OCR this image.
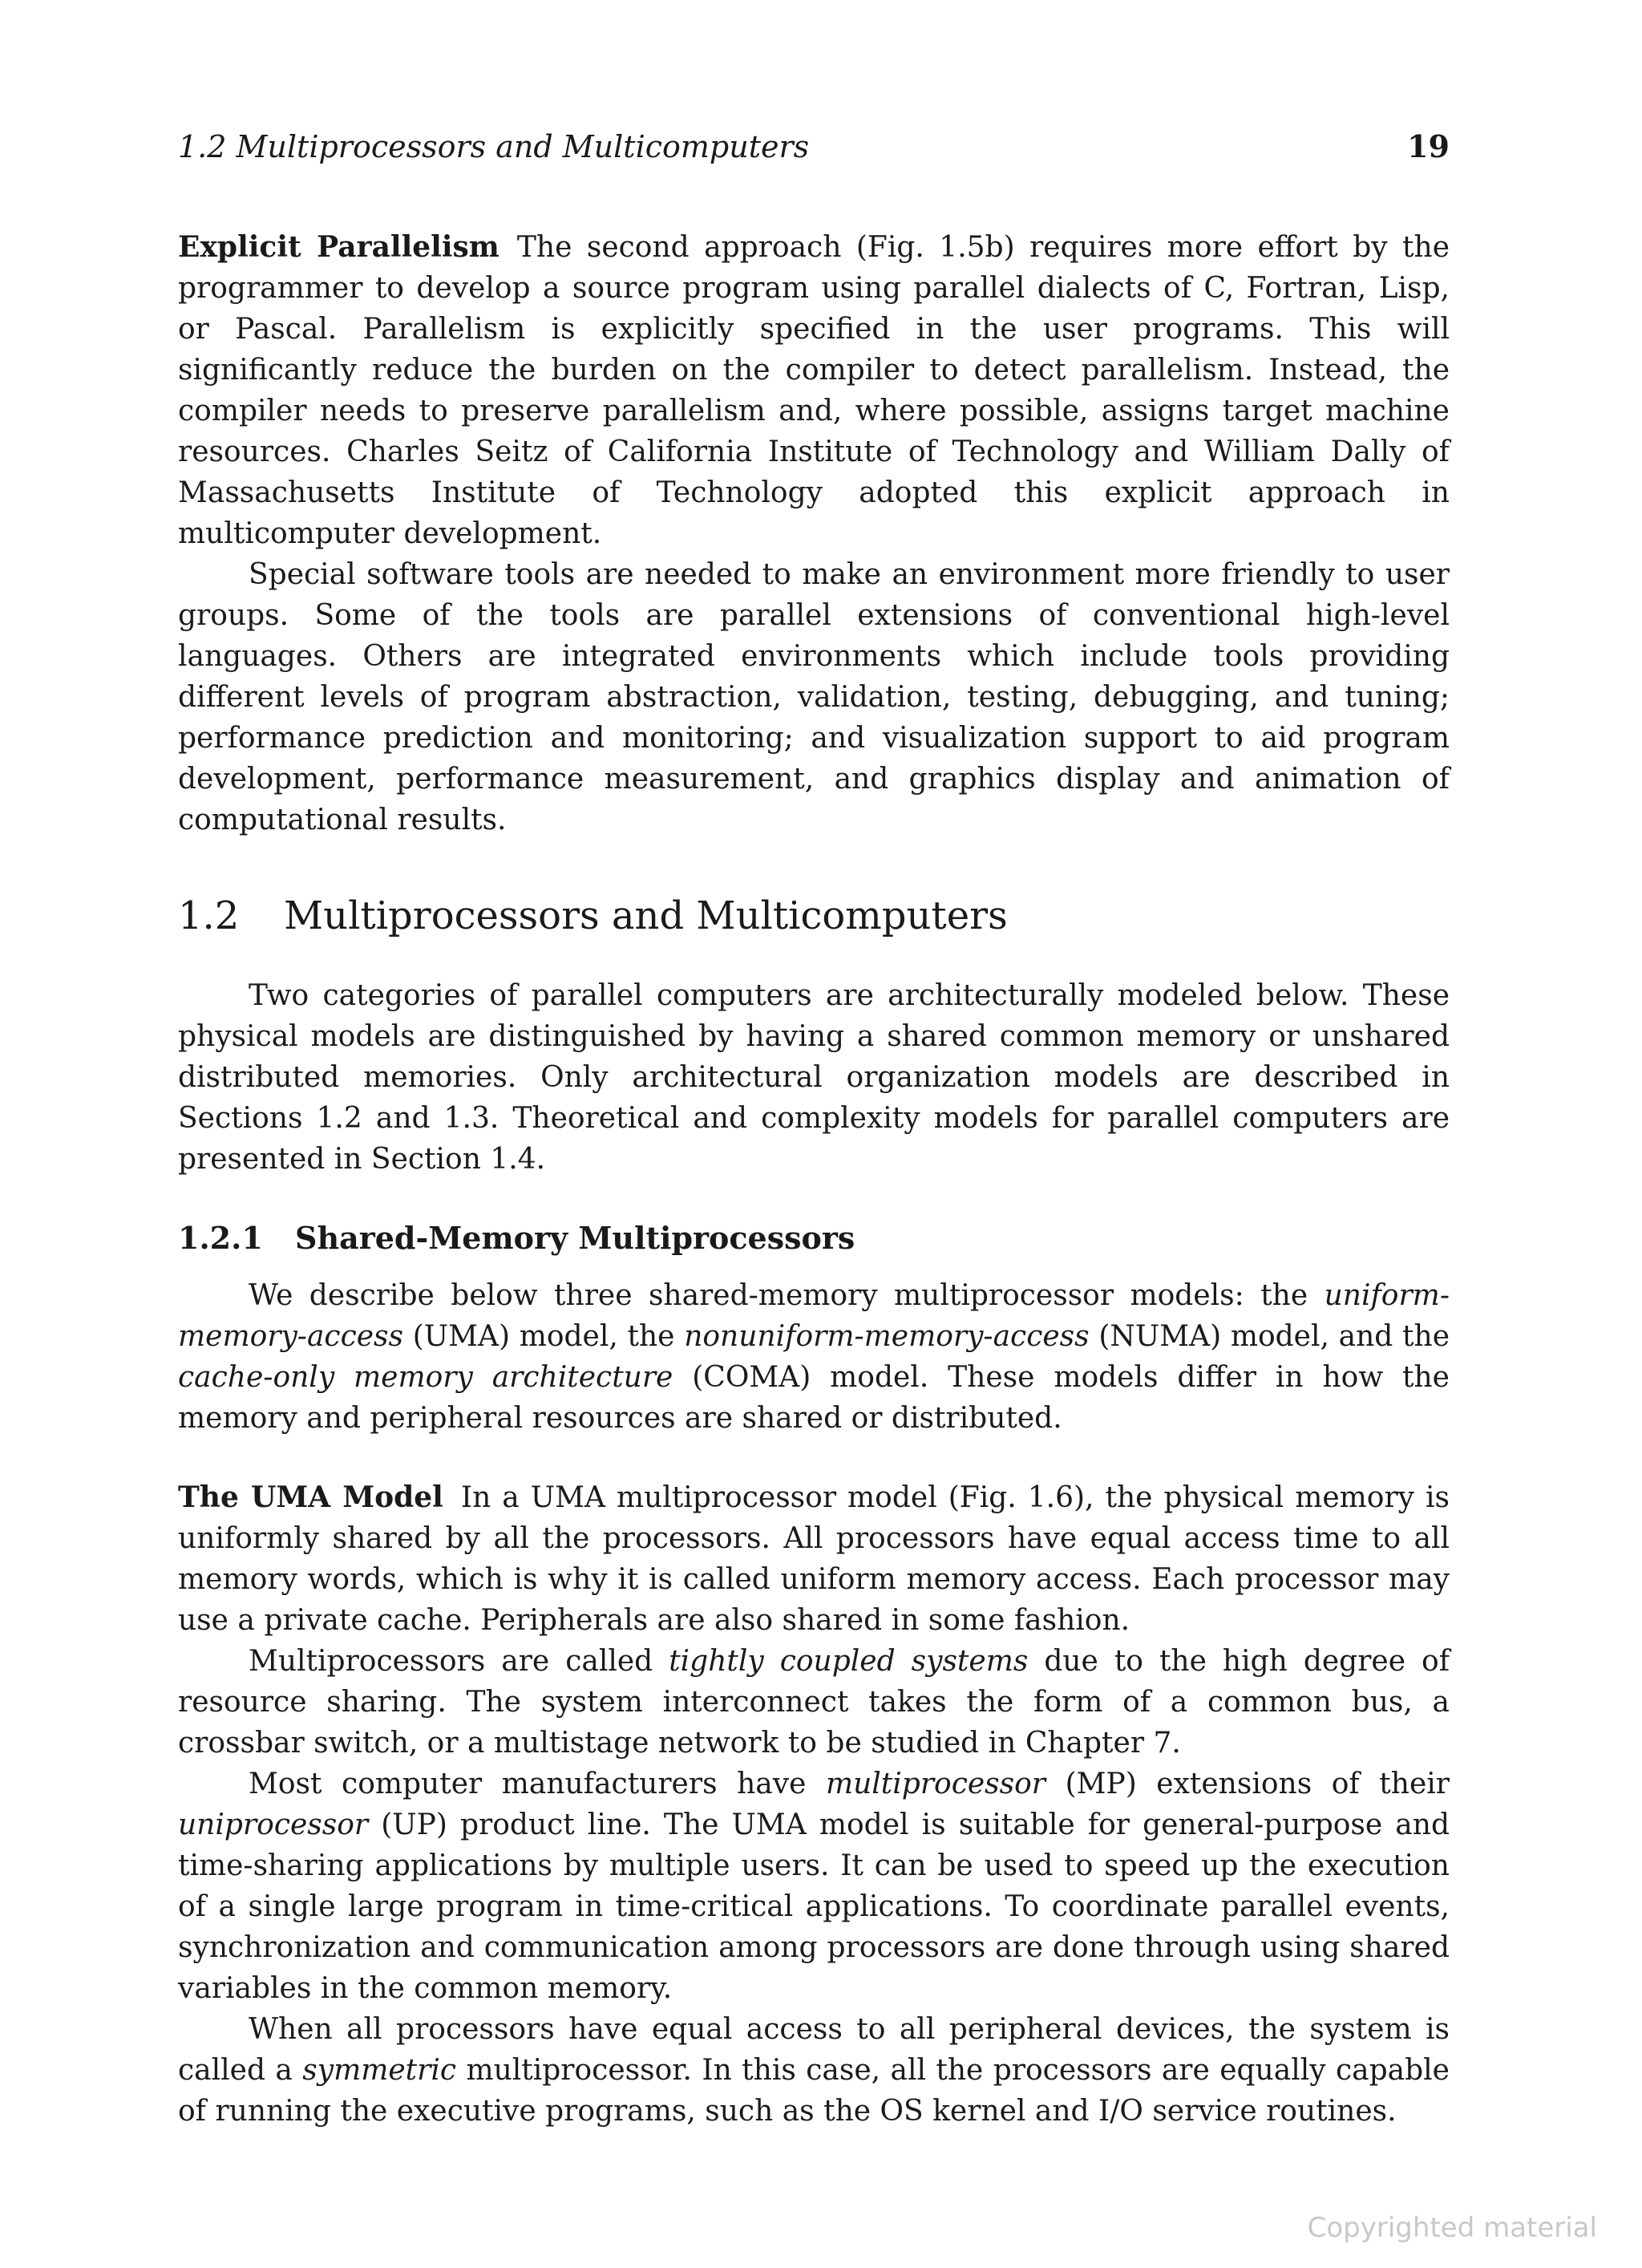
1.2 Multiprocessors and Multicomputers	19

Explicit Parallelism The second approach (Fig. 1.5b) requires more effort by the programmer to develop a source program using parallel dialects of C, Fortran, Lisp, or Pascal. Parallelism is explicitly specified in the user programs. This will significantly reduce the burden on the compiler to detect parallelism. Instead, the compiler needs to preserve parallelism and, where possible, assigns target machine resources. Charles Seitz of California Institute of Technology and William Dally of Massachusetts Institute of Technology adopted this explicit approach in multicomputer development.

Special software tools are needed to make an environment more friendly to user groups. Some of the tools are parallel extensions of conventional high-level languages. Others are integrated environments which include tools providing different levels of program abstraction, validation, testing, debugging, and tuning; performance prediction and monitoring; and visualization support to aid program development, performance measurement, and graphics display and animation of computational results.

1.2 Multiprocessors and Multicomputers

Two categories of parallel computers are architecturally modeled below. These physical models are distinguished by having a shared common memory or unshared distributed memories. Only architectural organization models are described in Sections 1.2 and 1.3. Theoretical and complexity models for parallel computers are presented in Section 1.4.

1.2.1 Shared-Memory Multiprocessors

We describe below three shared-memory multiprocessor models: the uniform-memory-access (UMA) model, the nonuniform-memory-access (NUMA) model, and the cache-only memory architecture (COMA) model. These models differ in how the memory and peripheral resources are shared or distributed.

The UMA Model In a UMA multiprocessor model (Fig. 1.6), the physical memory is uniformly shared by all the processors. All processors have equal access time to all memory words, which is why it is called uniform memory access. Each processor may use a private cache. Peripherals are also shared in some fashion.

Multiprocessors are called tightly coupled systems due to the high degree of resource sharing. The system interconnect takes the form of a common bus, a crossbar switch, or a multistage network to be studied in Chapter 7.

Most computer manufacturers have multiprocessor (MP) extensions of their uniprocessor (UP) product line. The UMA model is suitable for general-purpose and time-sharing applications by multiple users. It can be used to speed up the execution of a single large program in time-critical applications. To coordinate parallel events, synchronization and communication among processors are done through using shared variables in the common memory.

When all processors have equal access to all peripheral devices, the system is called a symmetric multiprocessor. In this case, all the processors are equally capable of running the executive programs, such as the OS kernel and I/O service routines.

Copyrighted material
